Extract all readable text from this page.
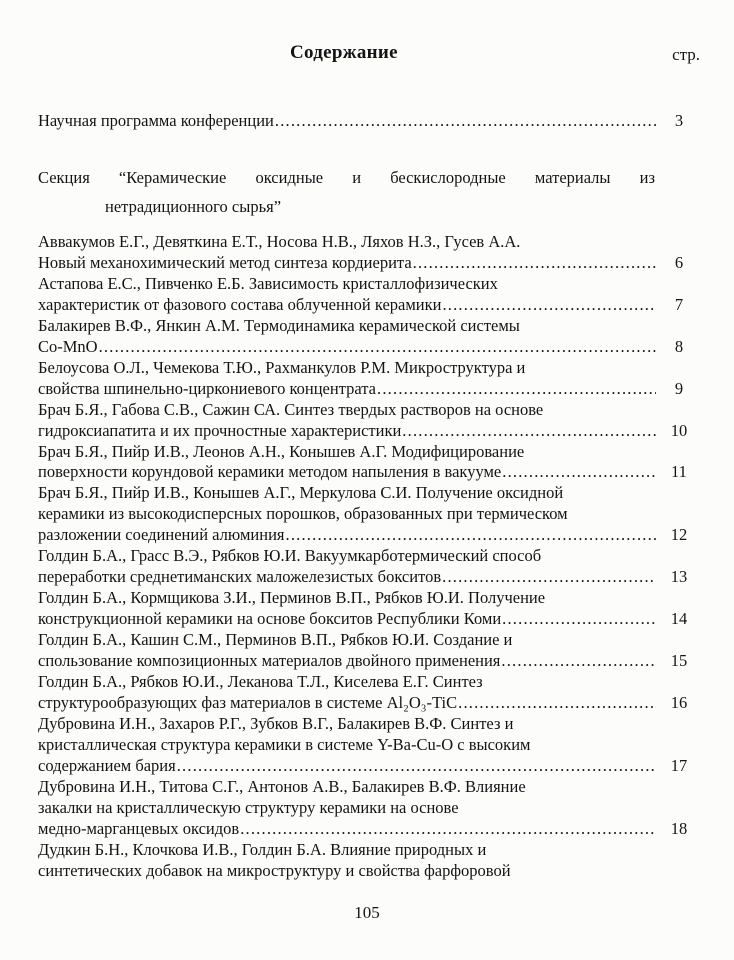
Содержание	стр.
Научная программа конференции .....	3
Секция “Керамические оксидные и бескислородные материалы из
нетрадиционного сырья”
Аввакумов Е.Г., Девяткина Е.Т., Носова Н.В., Ляхов Н.З., Гусев А.А.
Новый механохимический метод синтеза кордиерита .....	6
Астапова Е.С., Пивченко Е.Б. Зависимость кристаллофизических
характеристик от фазового состава облученной керамики .....	7
Балакирев В.Ф., Янкин А.М. Термодинамика керамической системы
Co-MnO .....	8
Белоусова О.Л., Чемекова Т.Ю., Рахманкулов Р.М. Микроструктура и
свойства шпинельно-циркониевого концентрата .....	9
Брач Б.Я., Габова С.В., Сажин СА. Синтез твердых растворов на основе
гидроксиапатита и их прочностные характеристики .....	10
Брач Б.Я., Пийр И.В., Леонов А.Н., Конышев А.Г. Модифицирование
поверхности корундовой керамики методом напыления в вакууме .....	11
Брач Б.Я., Пийр И.В., Конышев А.Г., Меркулова С.И. Получение оксидной
керамики из высокодисперсных порошков, образованных при термическом
разложении соединений алюминия .....	12
Голдин Б.А., Грасс В.Э., Рябков Ю.И. Вакуумкарботермический способ
переработки среднетиманских маложелезистых бокситов .....	13
Голдин Б.А., Кормщикова З.И., Перминов В.П., Рябков Ю.И. Получение
конструкционной керамики на основе бокситов Республики Коми .....	14
Голдин Б.А., Кашин С.М., Перминов В.П., Рябков Ю.И. Создание и
спользование композиционных материалов двойного применения .....	15
Голдин Б.А., Рябков Ю.И., Леканова Т.Л., Киселева Е.Г. Синтез
структурообразующих фаз материалов в системе Al₂O₃-TiC .....	16
Дубровина И.Н., Захаров Р.Г., Зубков В.Г., Балакирев В.Ф. Синтез и
кристаллическая структура керамики в системе Y-Ba-Cu-O с высоким
содержанием бария .....	17
Дубровина И.Н., Титова С.Г., Антонов А.В., Балакирев В.Ф. Влияние
закалки на кристаллическую структуру керамики на основе
медно-марганцевых оксидов .....	18
Дудкин Б.Н., Клочкова И.В., Голдин Б.А. Влияние природных и
синтетических добавок на микроструктуру и свойства фарфоровой
105
